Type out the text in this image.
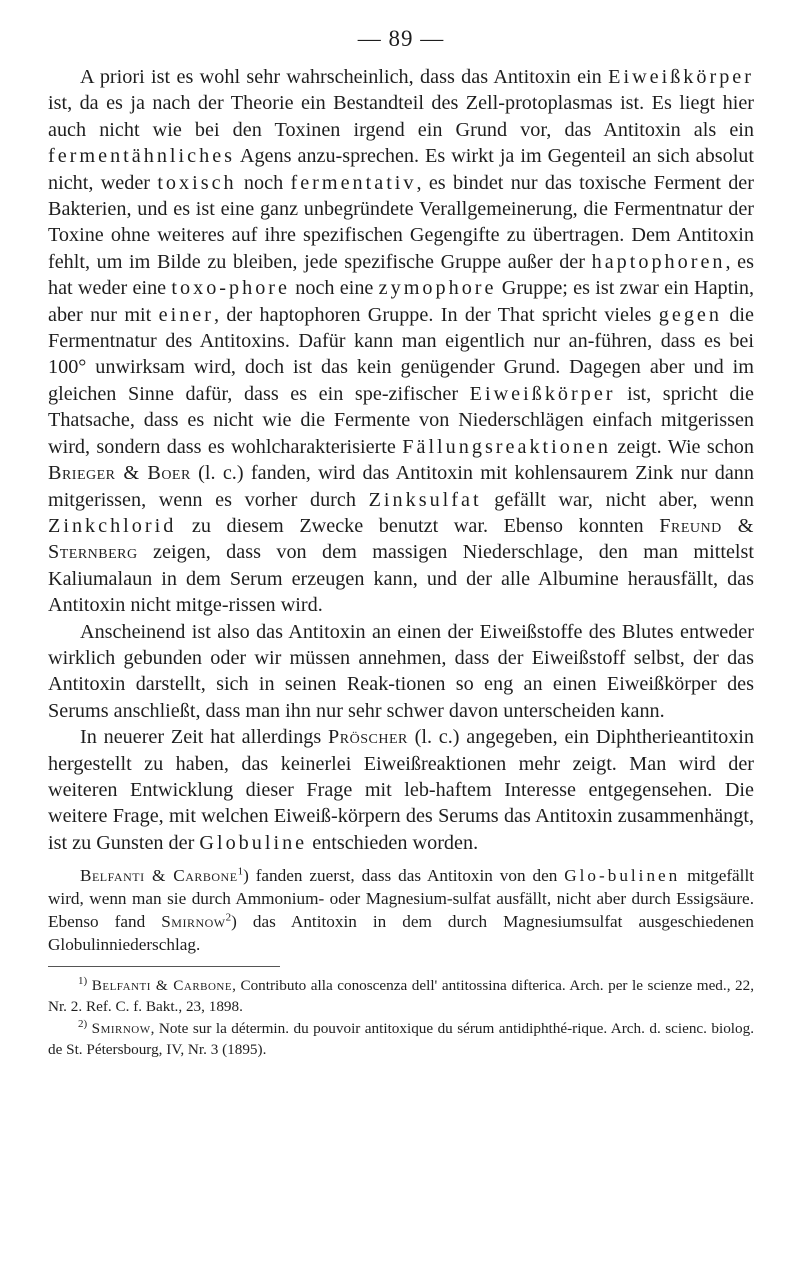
— 89 —

A priori ist es wohl sehr wahrscheinlich, dass das Antitoxin ein Eiweißkörper ist, da es ja nach der Theorie ein Bestandteil des Zell-protoplasmas ist. Es liegt hier auch nicht wie bei den Toxinen irgend ein Grund vor, das Antitoxin als ein fermentähnliches Agens anzu-sprechen. Es wirkt ja im Gegenteil an sich absolut nicht, weder toxisch noch fermentativ, es bindet nur das toxische Ferment der Bakterien, und es ist eine ganz unbegründete Verallgemeinerung, die Fermentnatur der Toxine ohne weiteres auf ihre spezifischen Gegengifte zu übertragen. Dem Antitoxin fehlt, um im Bilde zu bleiben, jede spezifische Gruppe außer der haptophoren, es hat weder eine toxo-phore noch eine zymophore Gruppe; es ist zwar ein Haptin, aber nur mit einer, der haptophoren Gruppe. In der That spricht vieles gegen die Fermentnatur des Antitoxins. Dafür kann man eigentlich nur an-führen, dass es bei 100° unwirksam wird, doch ist das kein genügender Grund. Dagegen aber und im gleichen Sinne dafür, dass es ein spe-zifischer Eiweißkörper ist, spricht die Thatsache, dass es nicht wie die Fermente von Niederschlägen einfach mitgerissen wird, sondern dass es wohlcharakterisierte Fällungsreaktionen zeigt. Wie schon Brieger & Boer (l. c.) fanden, wird das Antitoxin mit kohlensaurem Zink nur dann mitgerissen, wenn es vorher durch Zinksulfat gefällt war, nicht aber, wenn Zinkchlorid zu diesem Zwecke benutzt war. Ebenso konnten Freund & Sternberg zeigen, dass von dem massigen Niederschlage, den man mittelst Kaliumalaun in dem Serum erzeugen kann, und der alle Albumine herausfällt, das Antitoxin nicht mitge-rissen wird.

Anscheinend ist also das Antitoxin an einen der Eiweißstoffe des Blutes entweder wirklich gebunden oder wir müssen annehmen, dass der Eiweißstoff selbst, der das Antitoxin darstellt, sich in seinen Reak-tionen so eng an einen Eiweißkörper des Serums anschließt, dass man ihn nur sehr schwer davon unterscheiden kann.

In neuerer Zeit hat allerdings Pröscher (l. c.) angegeben, ein Diphtherieantitoxin hergestellt zu haben, das keinerlei Eiweißreaktionen mehr zeigt. Man wird der weiteren Entwicklung dieser Frage mit leb-haftem Interesse entgegensehen. Die weitere Frage, mit welchen Eiweiß-körpern des Serums das Antitoxin zusammenhängt, ist zu Gunsten der Globuline entschieden worden.

Belfanti & Carbone$^1$) fanden zuerst, dass das Antitoxin von den Glo-bulinen mitgefällt wird, wenn man sie durch Ammonium- oder Magnesium-sulfat ausfällt, nicht aber durch Essigsäure. Ebenso fand Smirnow$^2$) das Antitoxin in dem durch Magnesiumsulfat ausgeschiedenen Globulinniederschlag.

$^{1)}$ Belfanti & Carbone, Contributo alla conoscenza dell' antitossina difterica. Arch. per le scienze med., 22, Nr. 2. Ref. C. f. Bakt., 23, 1898.

$^{2)}$ Smirnow, Note sur la détermin. du pouvoir antitoxique du sérum antidiphthé-rique. Arch. d. scienc. biolog. de St. Pétersbourg, IV, Nr. 3 (1895).
